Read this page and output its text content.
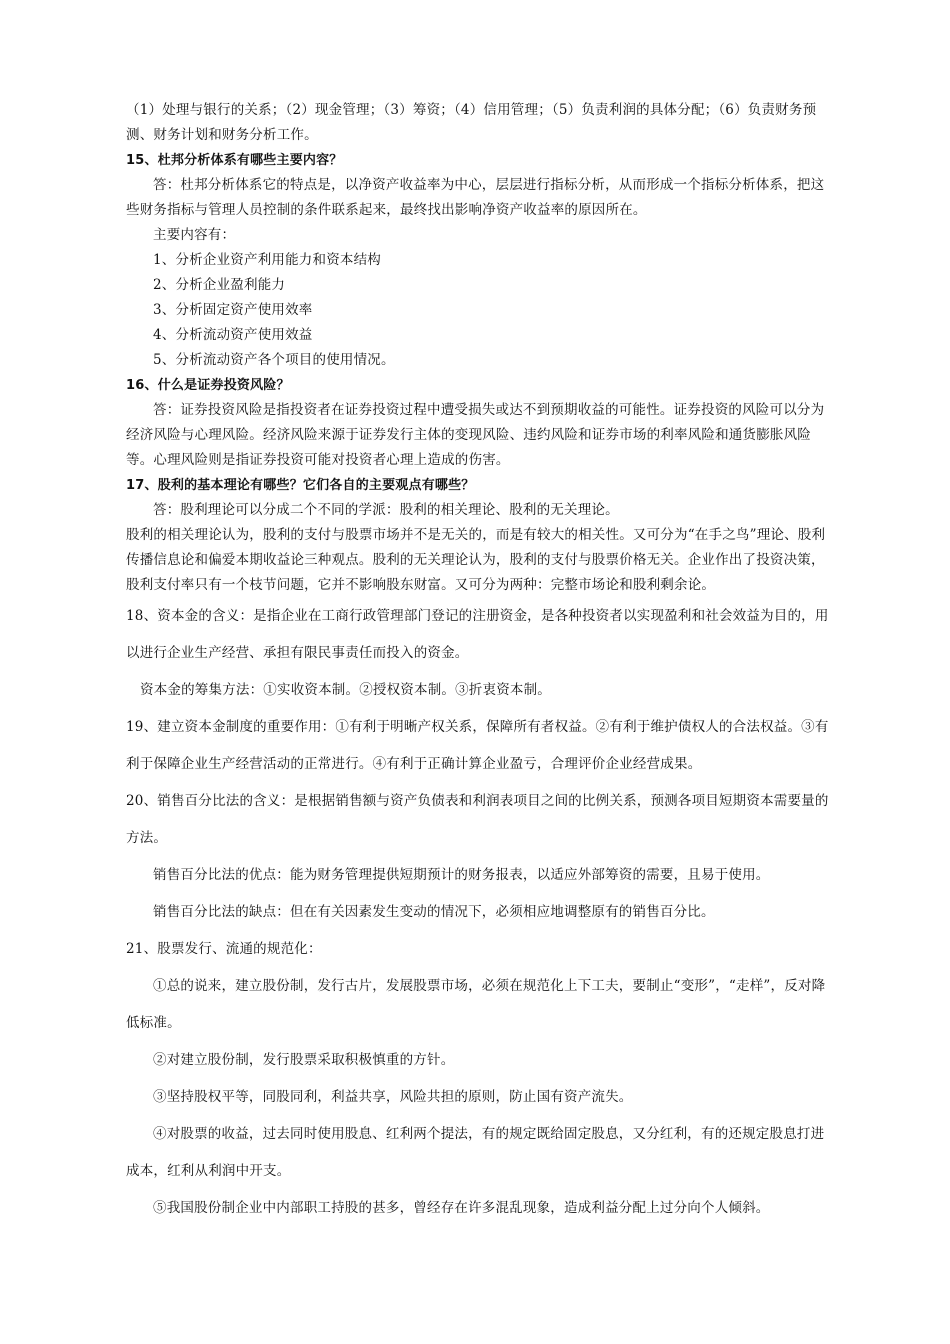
（1）处理与银行的关系；（2）现金管理；（3）筹资；（4）信用管理；（5）负责利润的具体分配；（6）负责财务预测、财务计划和财务分析工作。

15、杜邦分析体系有哪些主要内容？

答：杜邦分析体系它的特点是，以净资产收益率为中心，层层进行指标分析，从而形成一个指标分析体系，把这些财务指标与管理人员控制的条件联系起来，最终找出影响净资产收益率的原因所在。

主要内容有：

1、分析企业资产利用能力和资本结构

2、分析企业盈利能力

3、分析固定资产使用效率

4、分析流动资产使用效益

5、分析流动资产各个项目的使用情况。

16、什么是证券投资风险？

答：证券投资风险是指投资者在证券投资过程中遭受损失或达不到预期收益的可能性。证券投资的风险可以分为经济风险与心理风险。经济风险来源于证券发行主体的变现风险、违约风险和证券市场的利率风险和通货膨胀风险等。心理风险则是指证券投资可能对投资者心理上造成的伤害。

17、股利的基本理论有哪些？它们各自的主要观点有哪些？

答：股利理论可以分成二个不同的学派：股利的相关理论、股利的无关理论。

股利的相关理论认为，股利的支付与股票市场并不是无关的，而是有较大的相关性。又可分为“在手之鸟”理论、股利传播信息论和偏爱本期收益论三种观点。股利的无关理论认为，股利的支付与股票价格无关。企业作出了投资决策，股利支付率只有一个枝节问题，它并不影响股东财富。又可分为两种：完整市场论和股利剩余论。

18、资本金的含义：是指企业在工商行政管理部门登记的注册资金，是各种投资者以实现盈利和社会效益为目的，用以进行企业生产经营、承担有限民事责任而投入的资金。

资本金的筹集方法：①实收资本制。②授权资本制。③折衷资本制。

19、建立资本金制度的重要作用：①有利于明晰产权关系，保障所有者权益。②有利于维护债权人的合法权益。③有利于保障企业生产经营活动的正常进行。④有利于正确计算企业盈亏，合理评价企业经营成果。

20、销售百分比法的含义：是根据销售额与资产负债表和利润表项目之间的比例关系，预测各项目短期资本需要量的方法。

销售百分比法的优点：能为财务管理提供短期预计的财务报表，以适应外部筹资的需要，且易于使用。

销售百分比法的缺点：但在有关因素发生变动的情况下，必须相应地调整原有的销售百分比。

21、股票发行、流通的规范化：

①总的说来，建立股份制，发行古片，发展股票市场，必须在规范化上下工夫，要制止“变形”，“走样”，反对降低标准。

②对建立股份制，发行股票采取积极慎重的方针。

③坚持股权平等，同股同利，利益共享，风险共担的原则，防止国有资产流失。

④对股票的收益，过去同时使用股息、红利两个提法，有的规定既给固定股息，又分红利，有的还规定股息打进成本，红利从利润中开支。

⑤我国股份制企业中内部职工持股的甚多，曾经存在许多混乱现象，造成利益分配上过分向个人倾斜。
